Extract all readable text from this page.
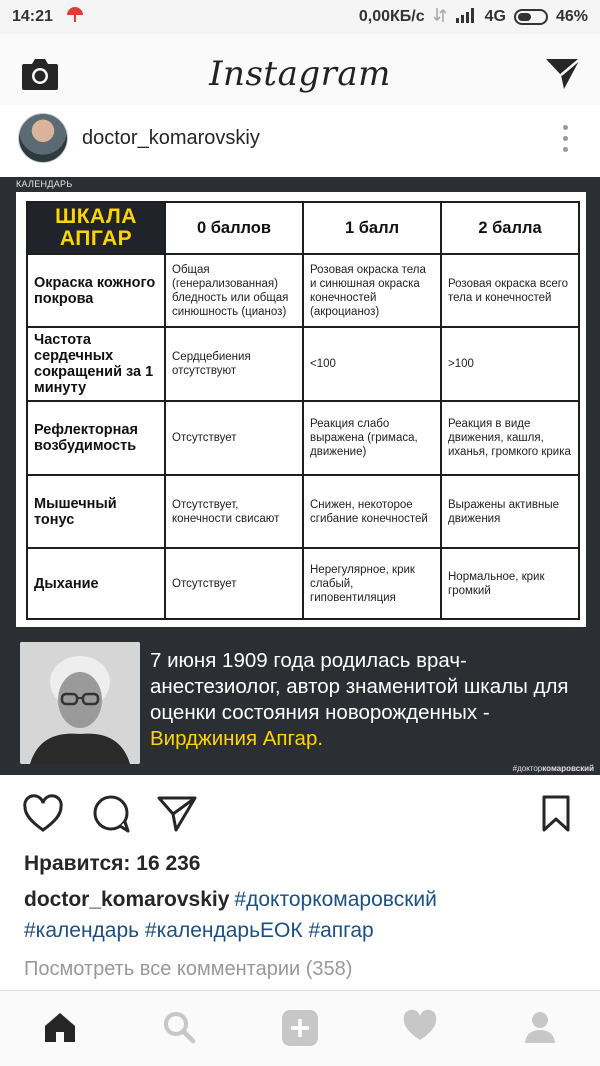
14:21	0,00КБ/с	4G	46%
Instagram
doctor_komarovskiy
КАЛЕНДАРЬ
ШКАЛА
АПГАР	0 баллов	1 балл	2 балла
Окраска кожного покрова	Общая (генерализованная) бледность или общая синюшность (цианоз)	Розовая окраска тела и синюшная окраска конечностей (акроцианоз)	Розовая окраска всего тела и конечностей
Частота сердечных сокращений за 1 минуту	Сердцебиения отсутствуют	<100	>100
Рефлекторная возбудимость	Отсутствует	Реакция слабо выражена (гримаса, движение)	Реакция в виде движения, кашля, иханья, громкого крика
Мышечный тонус	Отсутствует, конечности свисают	Снижен, некоторое сгибание конечностей	Выражены активные движения
Дыхание	Отсутствует	Нерегулярное, крик слабый, гиповентиляция	Нормальное, крик громкий
7 июня 1909 года родилась врач-анестезиолог, автор знаменитой шкалы для оценки состояния новорожденных - Вирджиния Апгар.
#докторкомаровский
Нравится: 16 236
doctor_komarovskiy #докторкомаровский
#календарь #календарьЕОК #апгар
Посмотреть все комментарии (358)
